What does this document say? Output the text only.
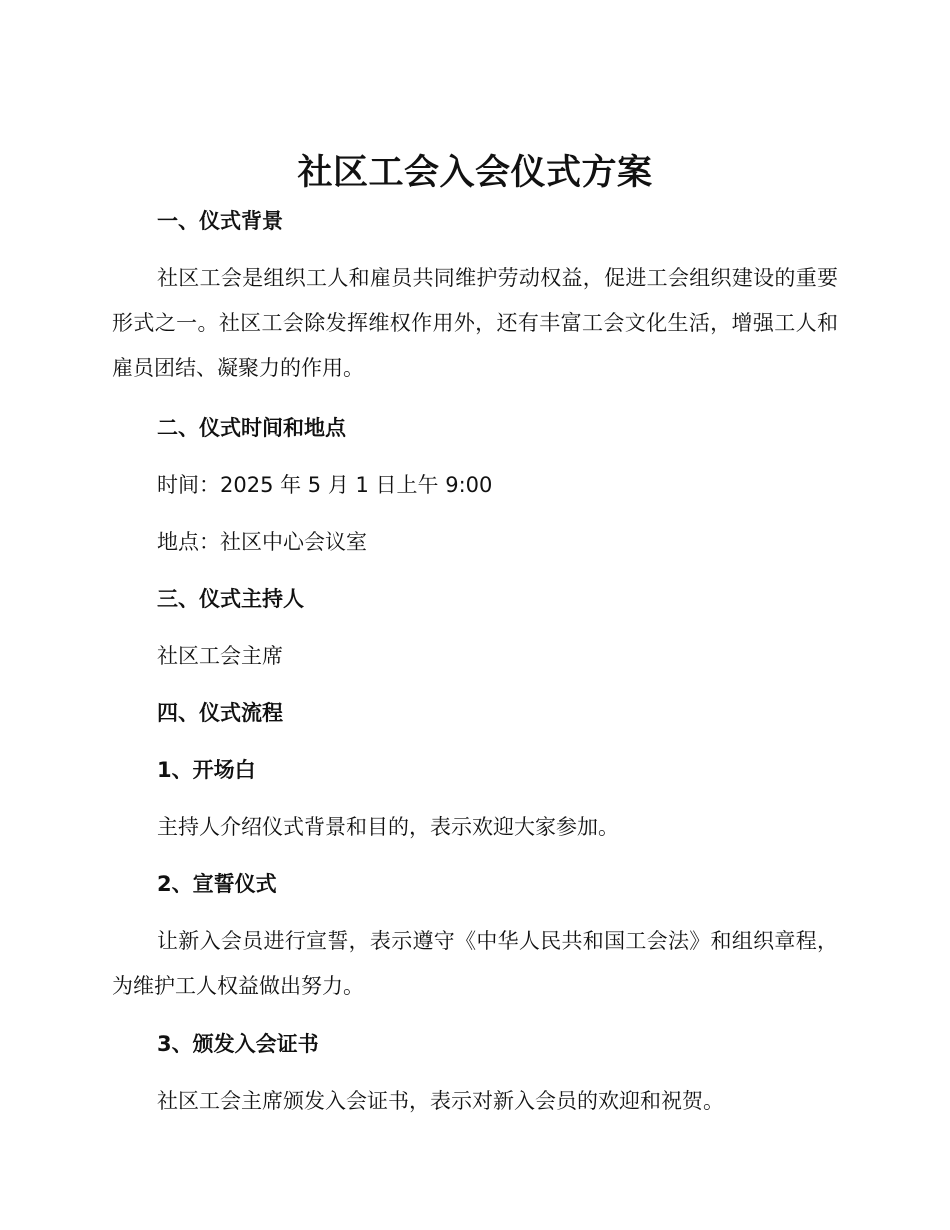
社区工会入会仪式方案
一、仪式背景

社区工会是组织工人和雇员共同维护劳动权益，促进工会组织建设的重要形式之一。社区工会除发挥维权作用外，还有丰富工会文化生活，增强工人和雇员团结、凝聚力的作用。

二、仪式时间和地点
时间：2025 年 5 月 1 日上午 9:00
地点：社区中心会议室
三、仪式主持人
社区工会主席
四、仪式流程
1、开场白
主持人介绍仪式背景和目的，表示欢迎大家参加。
2、宣誓仪式

让新入会员进行宣誓，表示遵守《中华人民共和国工会法》和组织章程，为维护工人权益做出努力。

3、颁发入会证书

社区工会主席颁发入会证书，表示对新入会员的欢迎和祝贺。
